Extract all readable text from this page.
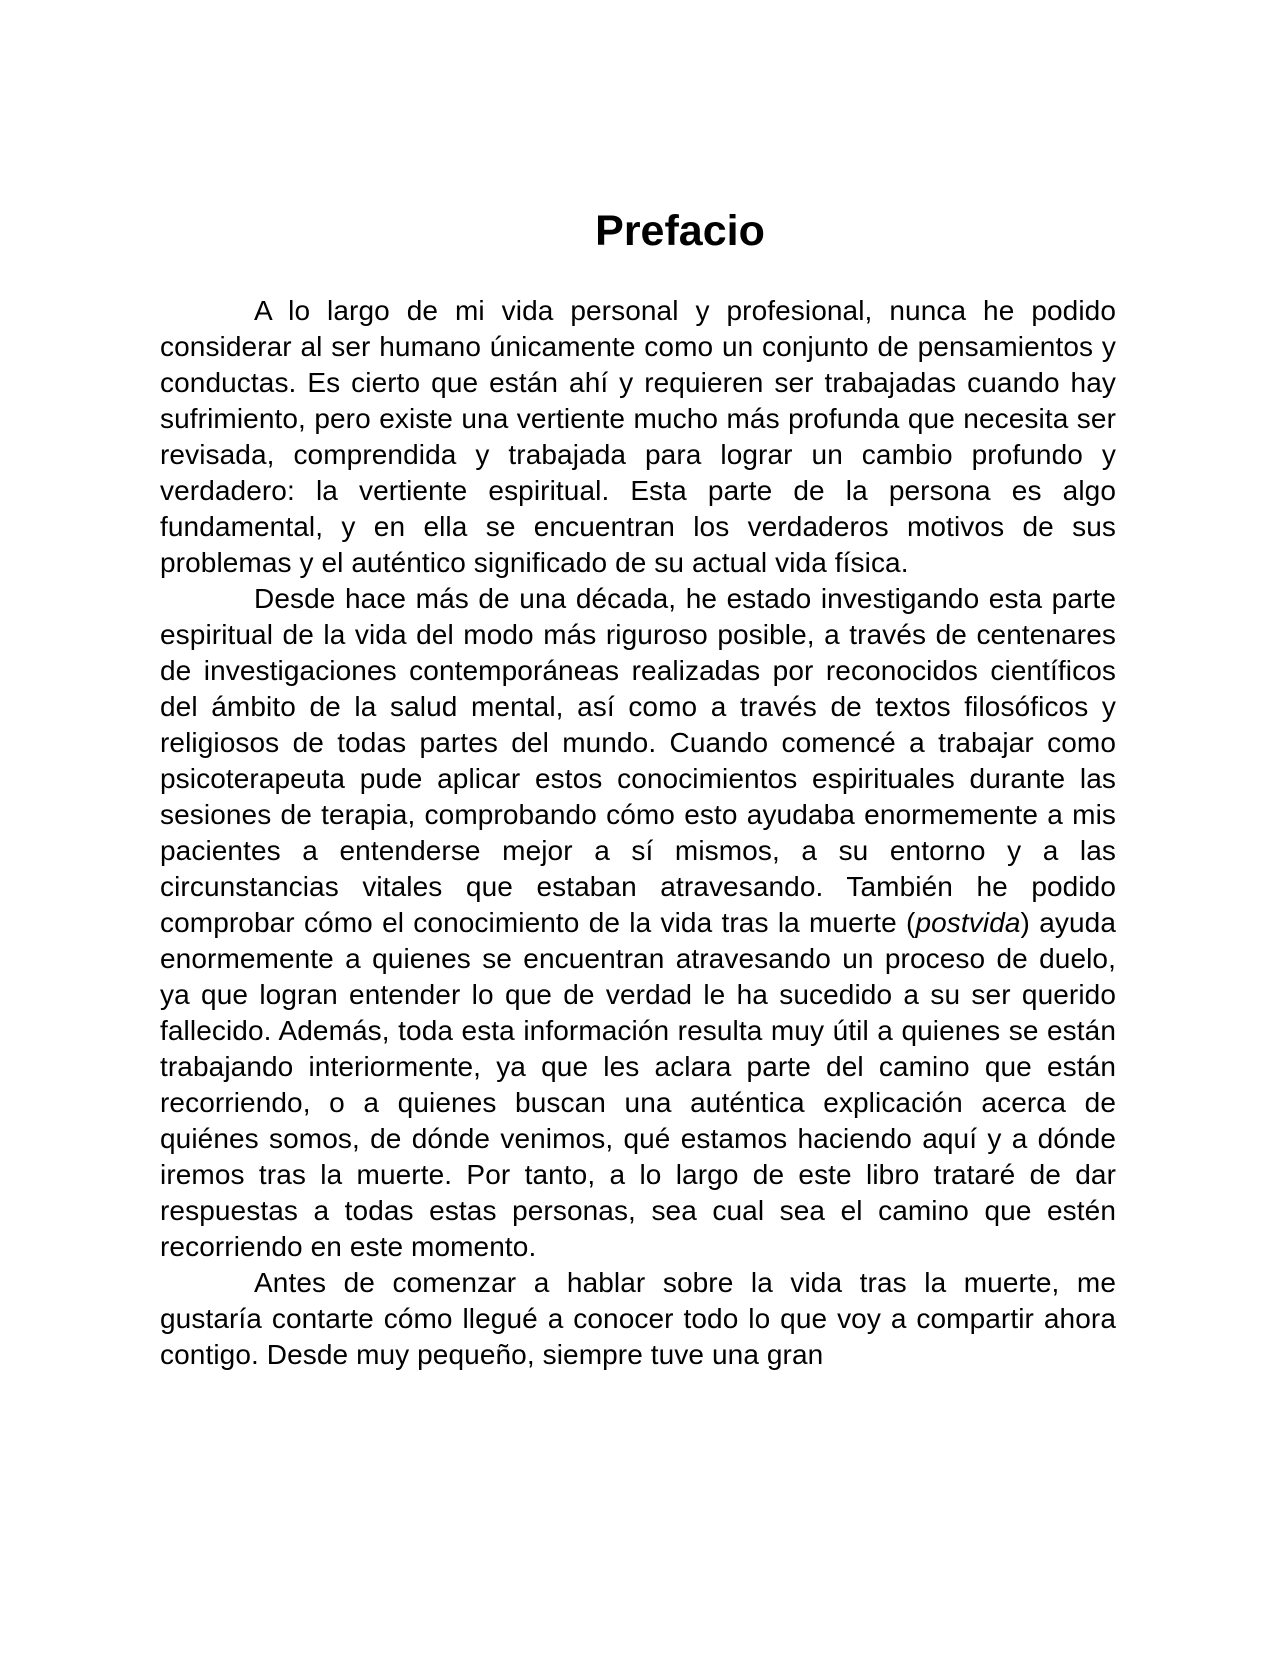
Prefacio

A lo largo de mi vida personal y profesional, nunca he podido considerar al ser humano únicamente como un conjunto de pensamientos y conductas. Es cierto que están ahí y requieren ser trabajadas cuando hay sufrimiento, pero existe una vertiente mucho más profunda que necesita ser revisada, comprendida y trabajada para lograr un cambio profundo y verdadero: la vertiente espiritual. Esta parte de la persona es algo fundamental, y en ella se encuentran los verdaderos motivos de sus problemas y el auténtico significado de su actual vida física.

Desde hace más de una década, he estado investigando esta parte espiritual de la vida del modo más riguroso posible, a través de centenares de investigaciones contemporáneas realizadas por reconocidos científicos del ámbito de la salud mental, así como a través de textos filosóficos y religiosos de todas partes del mundo. Cuando comencé a trabajar como psicoterapeuta pude aplicar estos conocimientos espirituales durante las sesiones de terapia, comprobando cómo esto ayudaba enormemente a mis pacientes a entenderse mejor a sí mismos, a su entorno y a las circunstancias vitales que estaban atravesando. También he podido comprobar cómo el conocimiento de la vida tras la muerte (postvida) ayuda enormemente a quienes se encuentran atravesando un proceso de duelo, ya que logran entender lo que de verdad le ha sucedido a su ser querido fallecido. Además, toda esta información resulta muy útil a quienes se están trabajando interiormente, ya que les aclara parte del camino que están recorriendo, o a quienes buscan una auténtica explicación acerca de quiénes somos, de dónde venimos, qué estamos haciendo aquí y a dónde iremos tras la muerte. Por tanto, a lo largo de este libro trataré de dar respuestas a todas estas personas, sea cual sea el camino que estén recorriendo en este momento.

Antes de comenzar a hablar sobre la vida tras la muerte, me gustaría contarte cómo llegué a conocer todo lo que voy a compartir ahora contigo. Desde muy pequeño, siempre tuve una gran
